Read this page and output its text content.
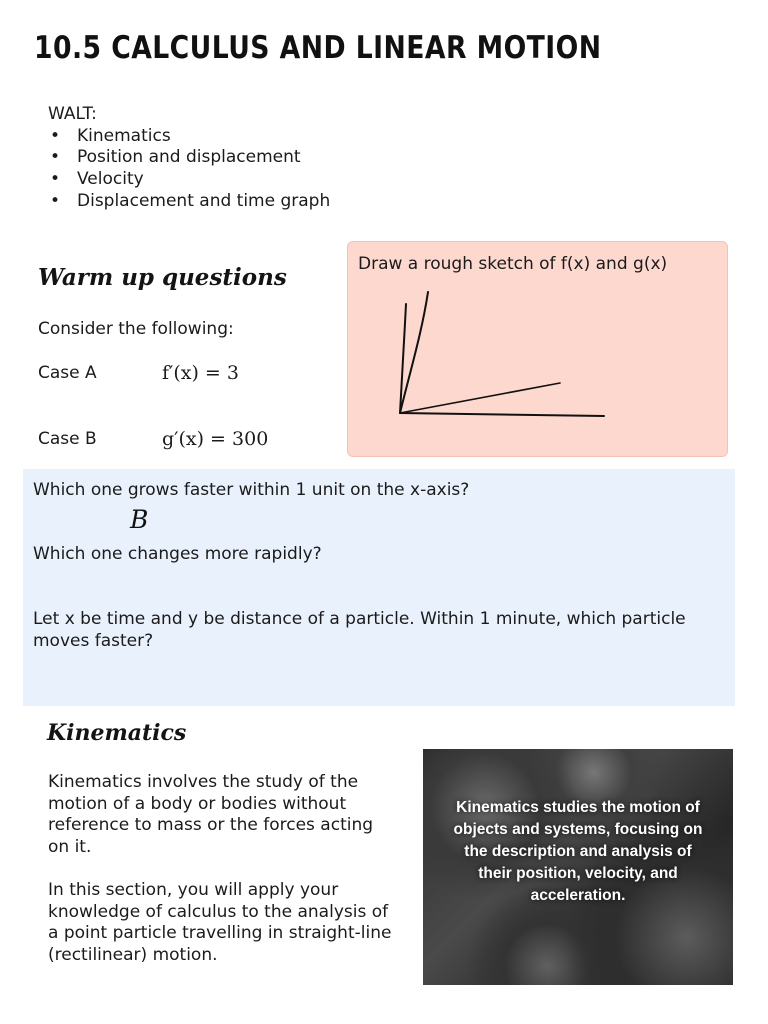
10.5 CALCULUS AND LINEAR MOTION
WALT:
• Kinematics
• Position and displacement
• Velocity
• Displacement and time graph
Warm up questions
Consider the following:
Case A	f′(x) = 3
Case B	g′(x) = 300
Draw a rough sketch of f(x) and g(x)
Which one grows faster within 1 unit on the x-axis?
Which one changes more rapidly?
Let x be time and y be distance of a particle. Within 1 minute, which particle moves faster?
B
Kinematics
Kinematics involves the study of the motion of a body or bodies without reference to mass or the forces acting on it.
In this section, you will apply your knowledge of calculus to the analysis of a point particle travelling in straight-line (rectilinear) motion.
Kinematics studies the motion of objects and systems, focusing on the description and analysis of their position, velocity, and acceleration.
